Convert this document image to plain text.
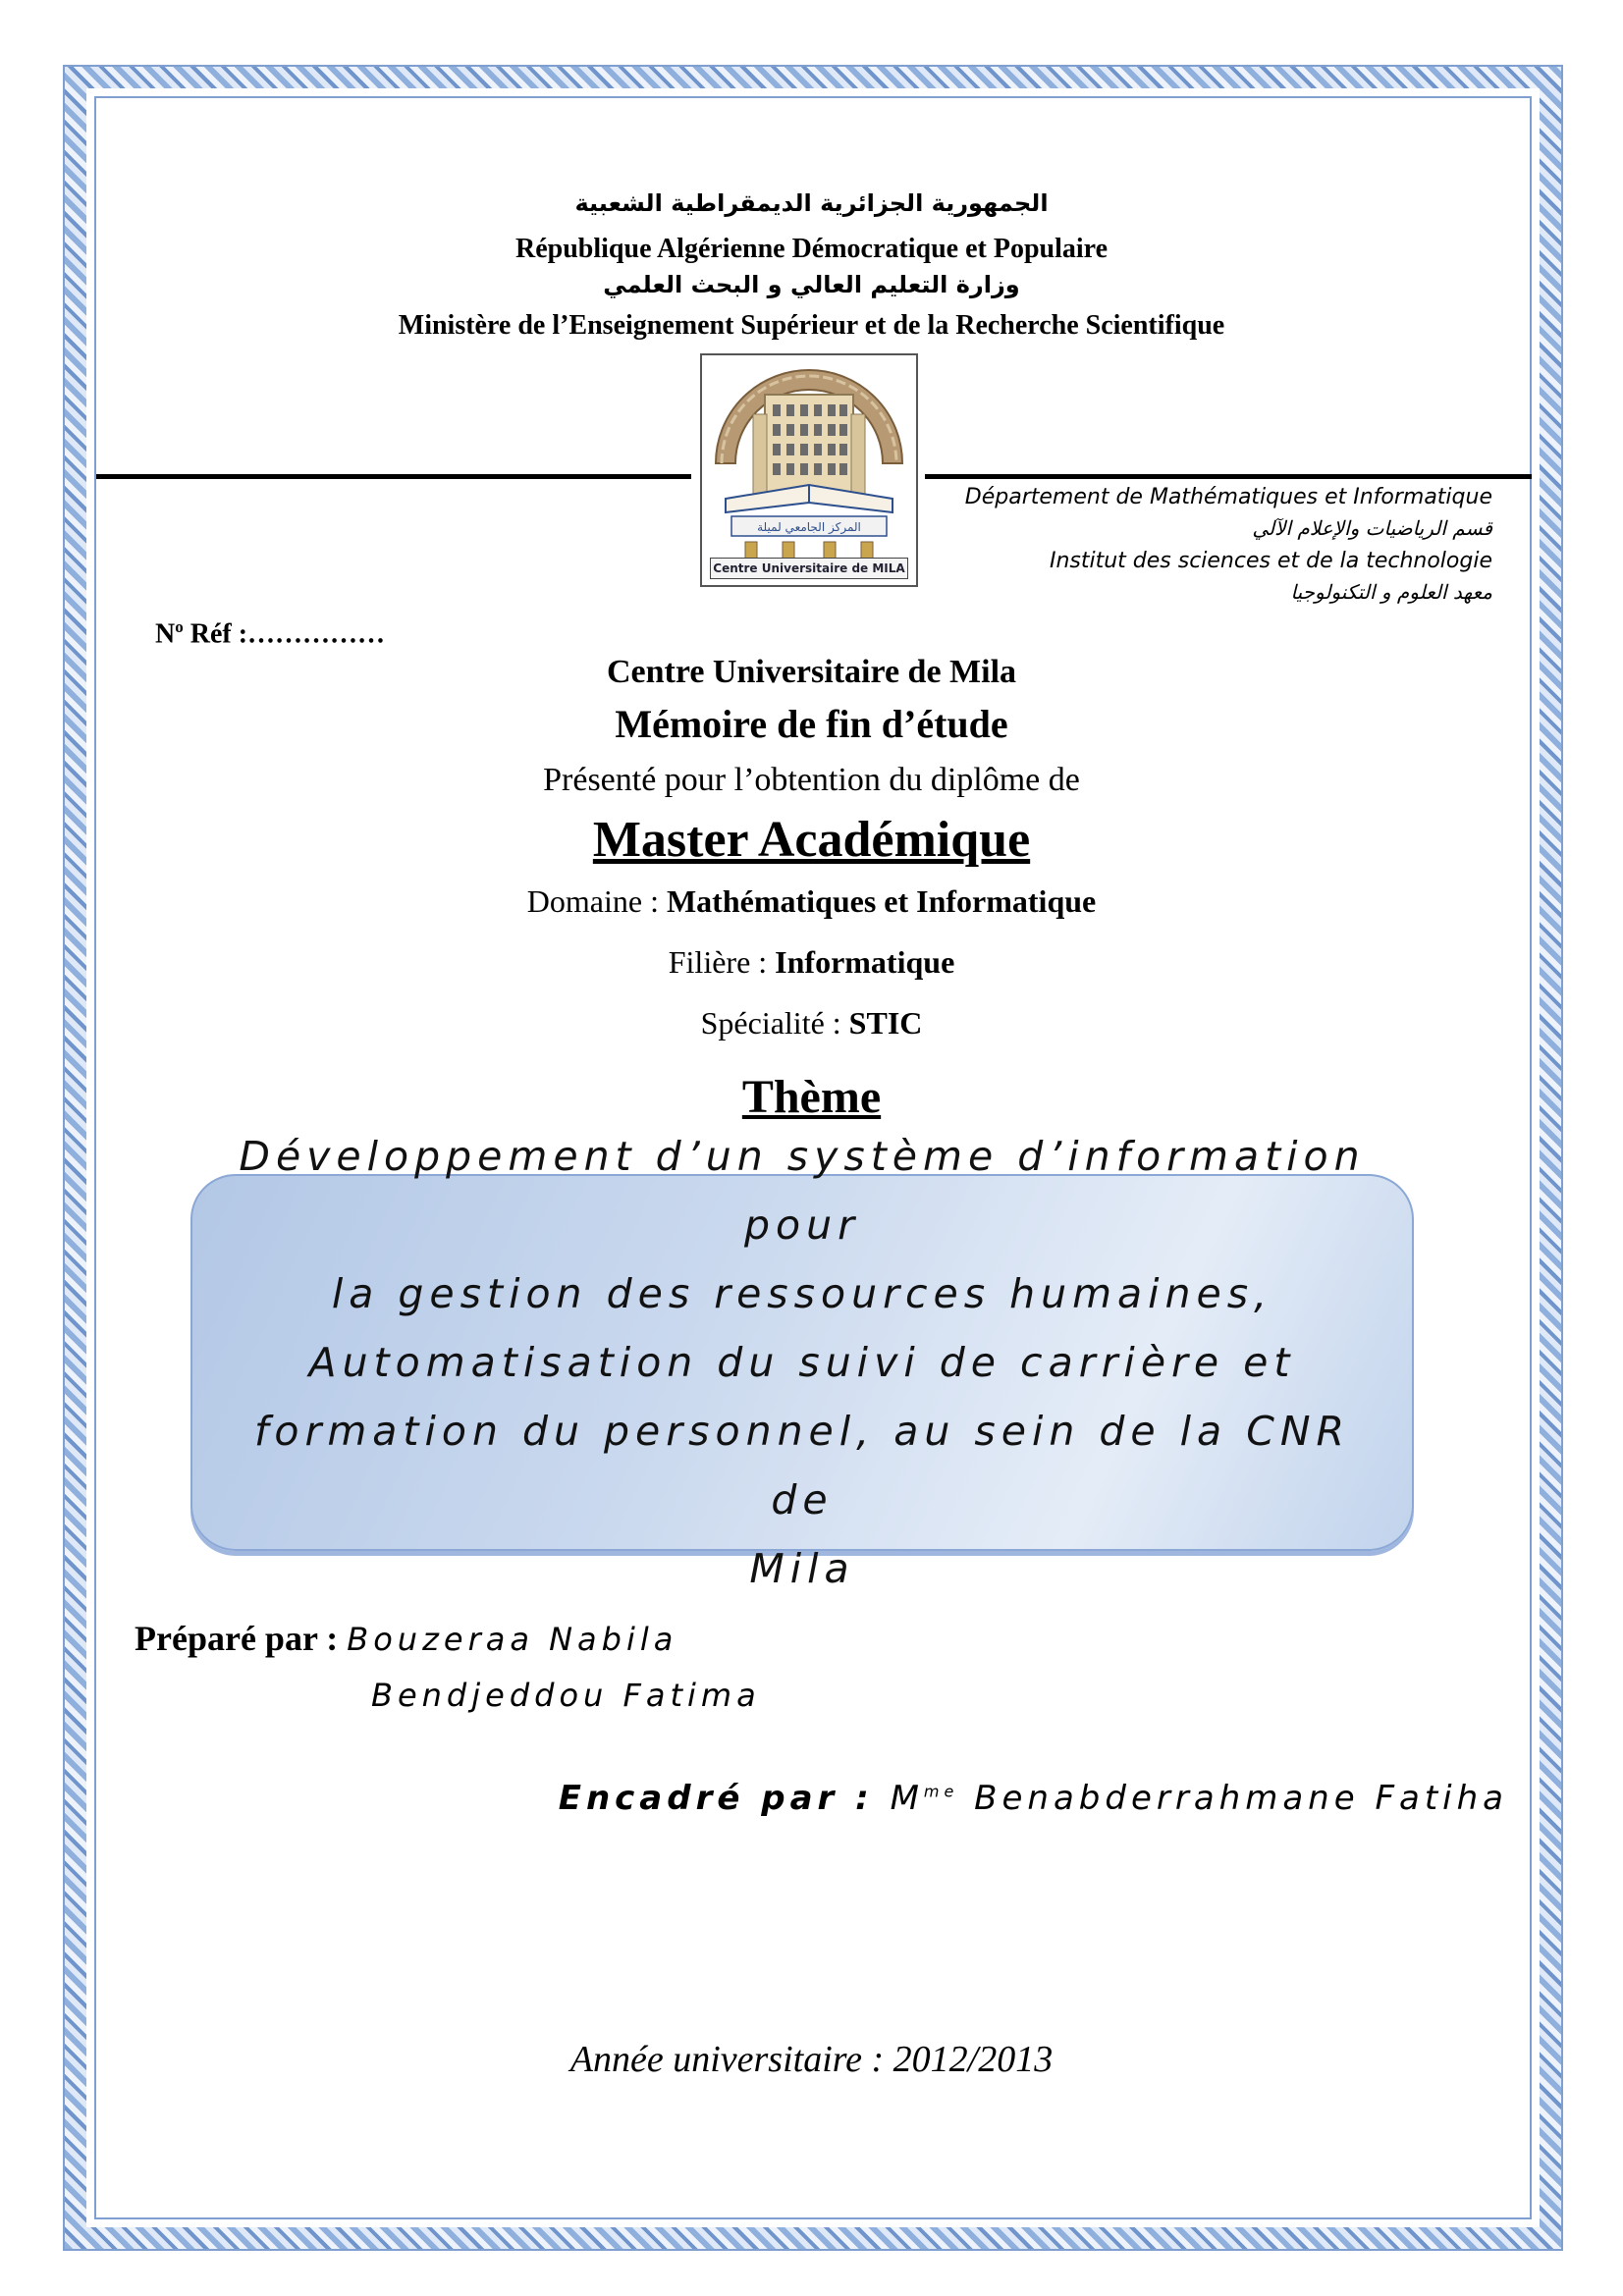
الجمهورية الجزائرية الديمقراطية الشعبية
République Algérienne Démocratique et Populaire
وزارة التعليم العالي و البحث العلمي
Ministère de l’Enseignement Supérieur et de la Recherche Scientifique
المركز الجامعي لميلة
Centre Universitaire de MILA
Département de Mathématiques et Informatique
قسم الرياضيات والإعلام الآلي
Institut des sciences et de la technologie
معهد العلوم و التكنولوجيا
$N^o$ Réf :……………
Centre Universitaire de Mila
Mémoire de fin d’étude
Présenté pour l’obtention du diplôme de
Master Académique
Domaine : Mathématiques et Informatique
Filière : Informatique
Spécialité : STIC
Thème
Développement d’un système d’information pour
la gestion des ressources humaines,
Automatisation du suivi de carrière et
formation du personnel, au sein de la CNR de
Mila
Préparé par : Bouzeraa Nabila
Bendjeddou Fatima
Encadré par : $M^{me}$ Benabderrahmane Fatiha
Année universitaire : 2012/2013
